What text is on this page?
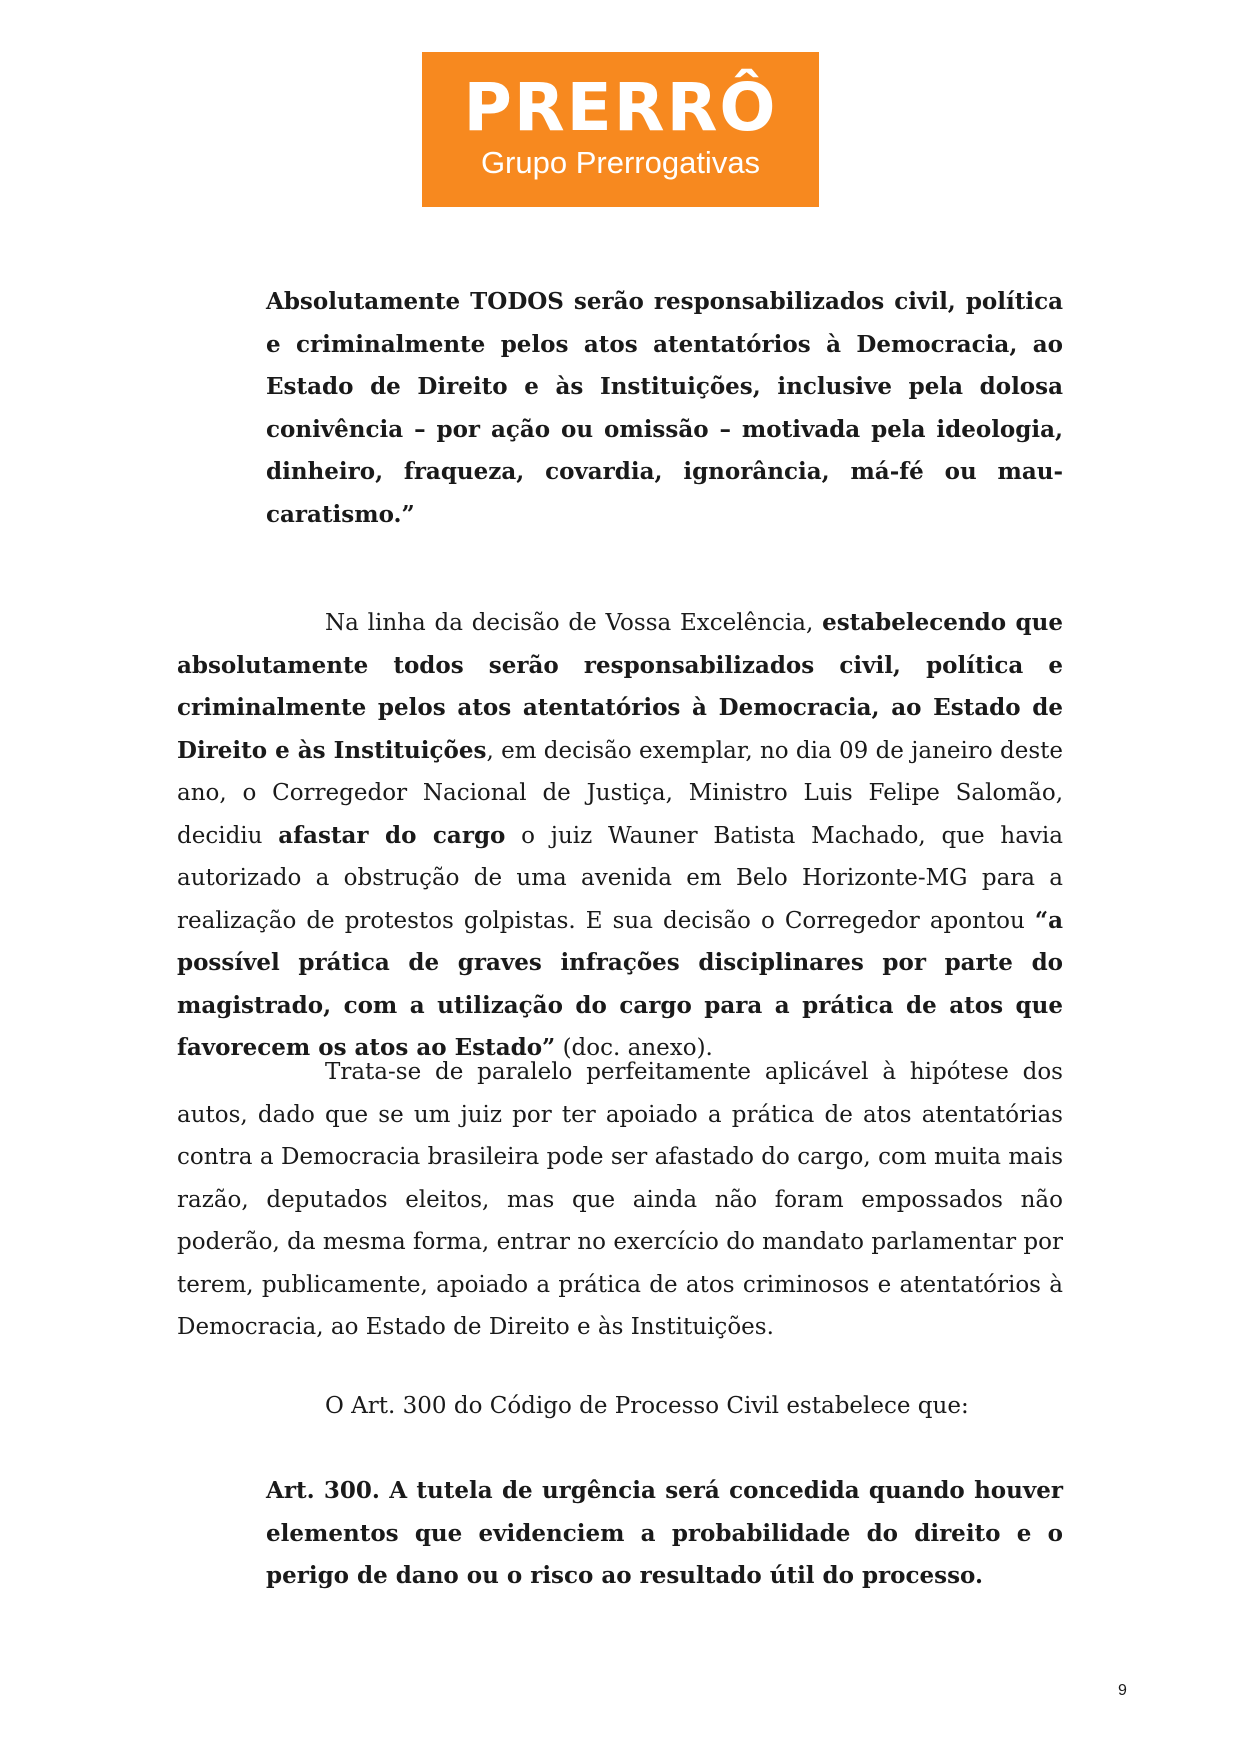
PRERRÔ
Grupo Prerrogativas

Absolutamente TODOS serão responsabilizados civil, política e criminalmente pelos atos atentatórios à Democracia, ao Estado de Direito e às Instituições, inclusive pela dolosa conivência – por ação ou omissão – motivada pela ideologia, dinheiro, fraqueza, covardia, ignorância, má-fé ou mau-caratismo.”

Na linha da decisão de Vossa Excelência, estabelecendo que absolutamente todos serão responsabilizados civil, política e criminalmente pelos atos atentatórios à Democracia, ao Estado de Direito e às Instituições, em decisão exemplar, no dia 09 de janeiro deste ano, o Corregedor Nacional de Justiça, Ministro Luis Felipe Salomão, decidiu afastar do cargo o juiz Wauner Batista Machado, que havia autorizado a obstrução de uma avenida em Belo Horizonte-MG para a realização de protestos golpistas. E sua decisão o Corregedor apontou “a possível prática de graves infrações disciplinares por parte do magistrado, com a utilização do cargo para a prática de atos que favorecem os atos ao Estado” (doc. anexo).

Trata-se de paralelo perfeitamente aplicável à hipótese dos autos, dado que se um juiz por ter apoiado a prática de atos atentatórias contra a Democracia brasileira pode ser afastado do cargo, com muita mais razão, deputados eleitos, mas que ainda não foram empossados não poderão, da mesma forma, entrar no exercício do mandato parlamentar por terem, publicamente, apoiado a prática de atos criminosos e atentatórios à Democracia, ao Estado de Direito e às Instituições.

O Art. 300 do Código de Processo Civil estabelece que:

Art. 300. A tutela de urgência será concedida quando houver elementos que evidenciem a probabilidade do direito e o perigo de dano ou o risco ao resultado útil do processo.

9
